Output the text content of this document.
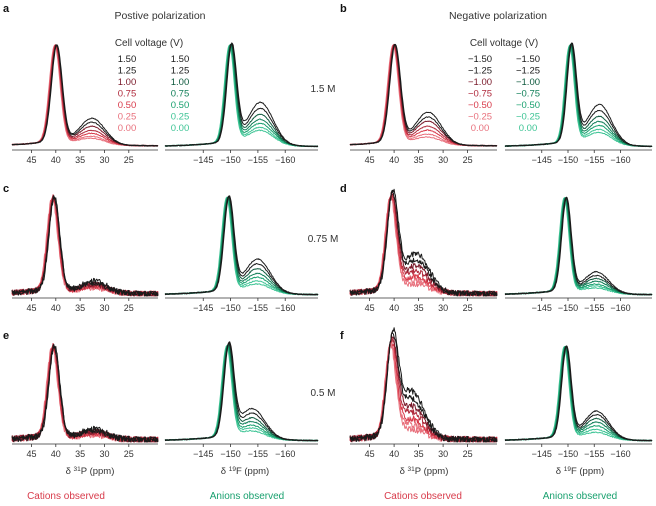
Postive polarization	Negative polarization
a	b
c	d
e	f
1.5 M
0.75 M
0.5 M
Cell voltage (V)
1.50	1.50
1.25	1.25
1.00	1.00
0.75	0.75
0.50	0.50
0.25	0.25
0.00	0.00
Cell voltage (V)
−1.50	−1.50
−1.25	−1.25
−1.00	−1.00
−0.75	−0.75
−0.50	−0.50
−0.25	−0.25
0.00	0.00
45 40 35 30 25	−145 −150 −155 −160	45 40 35 30 25	−145 −150 −155 −160
45 40 35 30 25	−145 −150 −155 −160	45 40 35 30 25	−145 −150 −155 −160
45 40 35 30 25	−145 −150 −155 −160	45 40 35 30 25	−145 −150 −155 −160
δ $^{31}$P (ppm)	δ $^{19}$F (ppm)	δ $^{31}$P (ppm)	δ $^{19}$F (ppm)
Cations observed	Anions observed	Cations observed	Anions observed
